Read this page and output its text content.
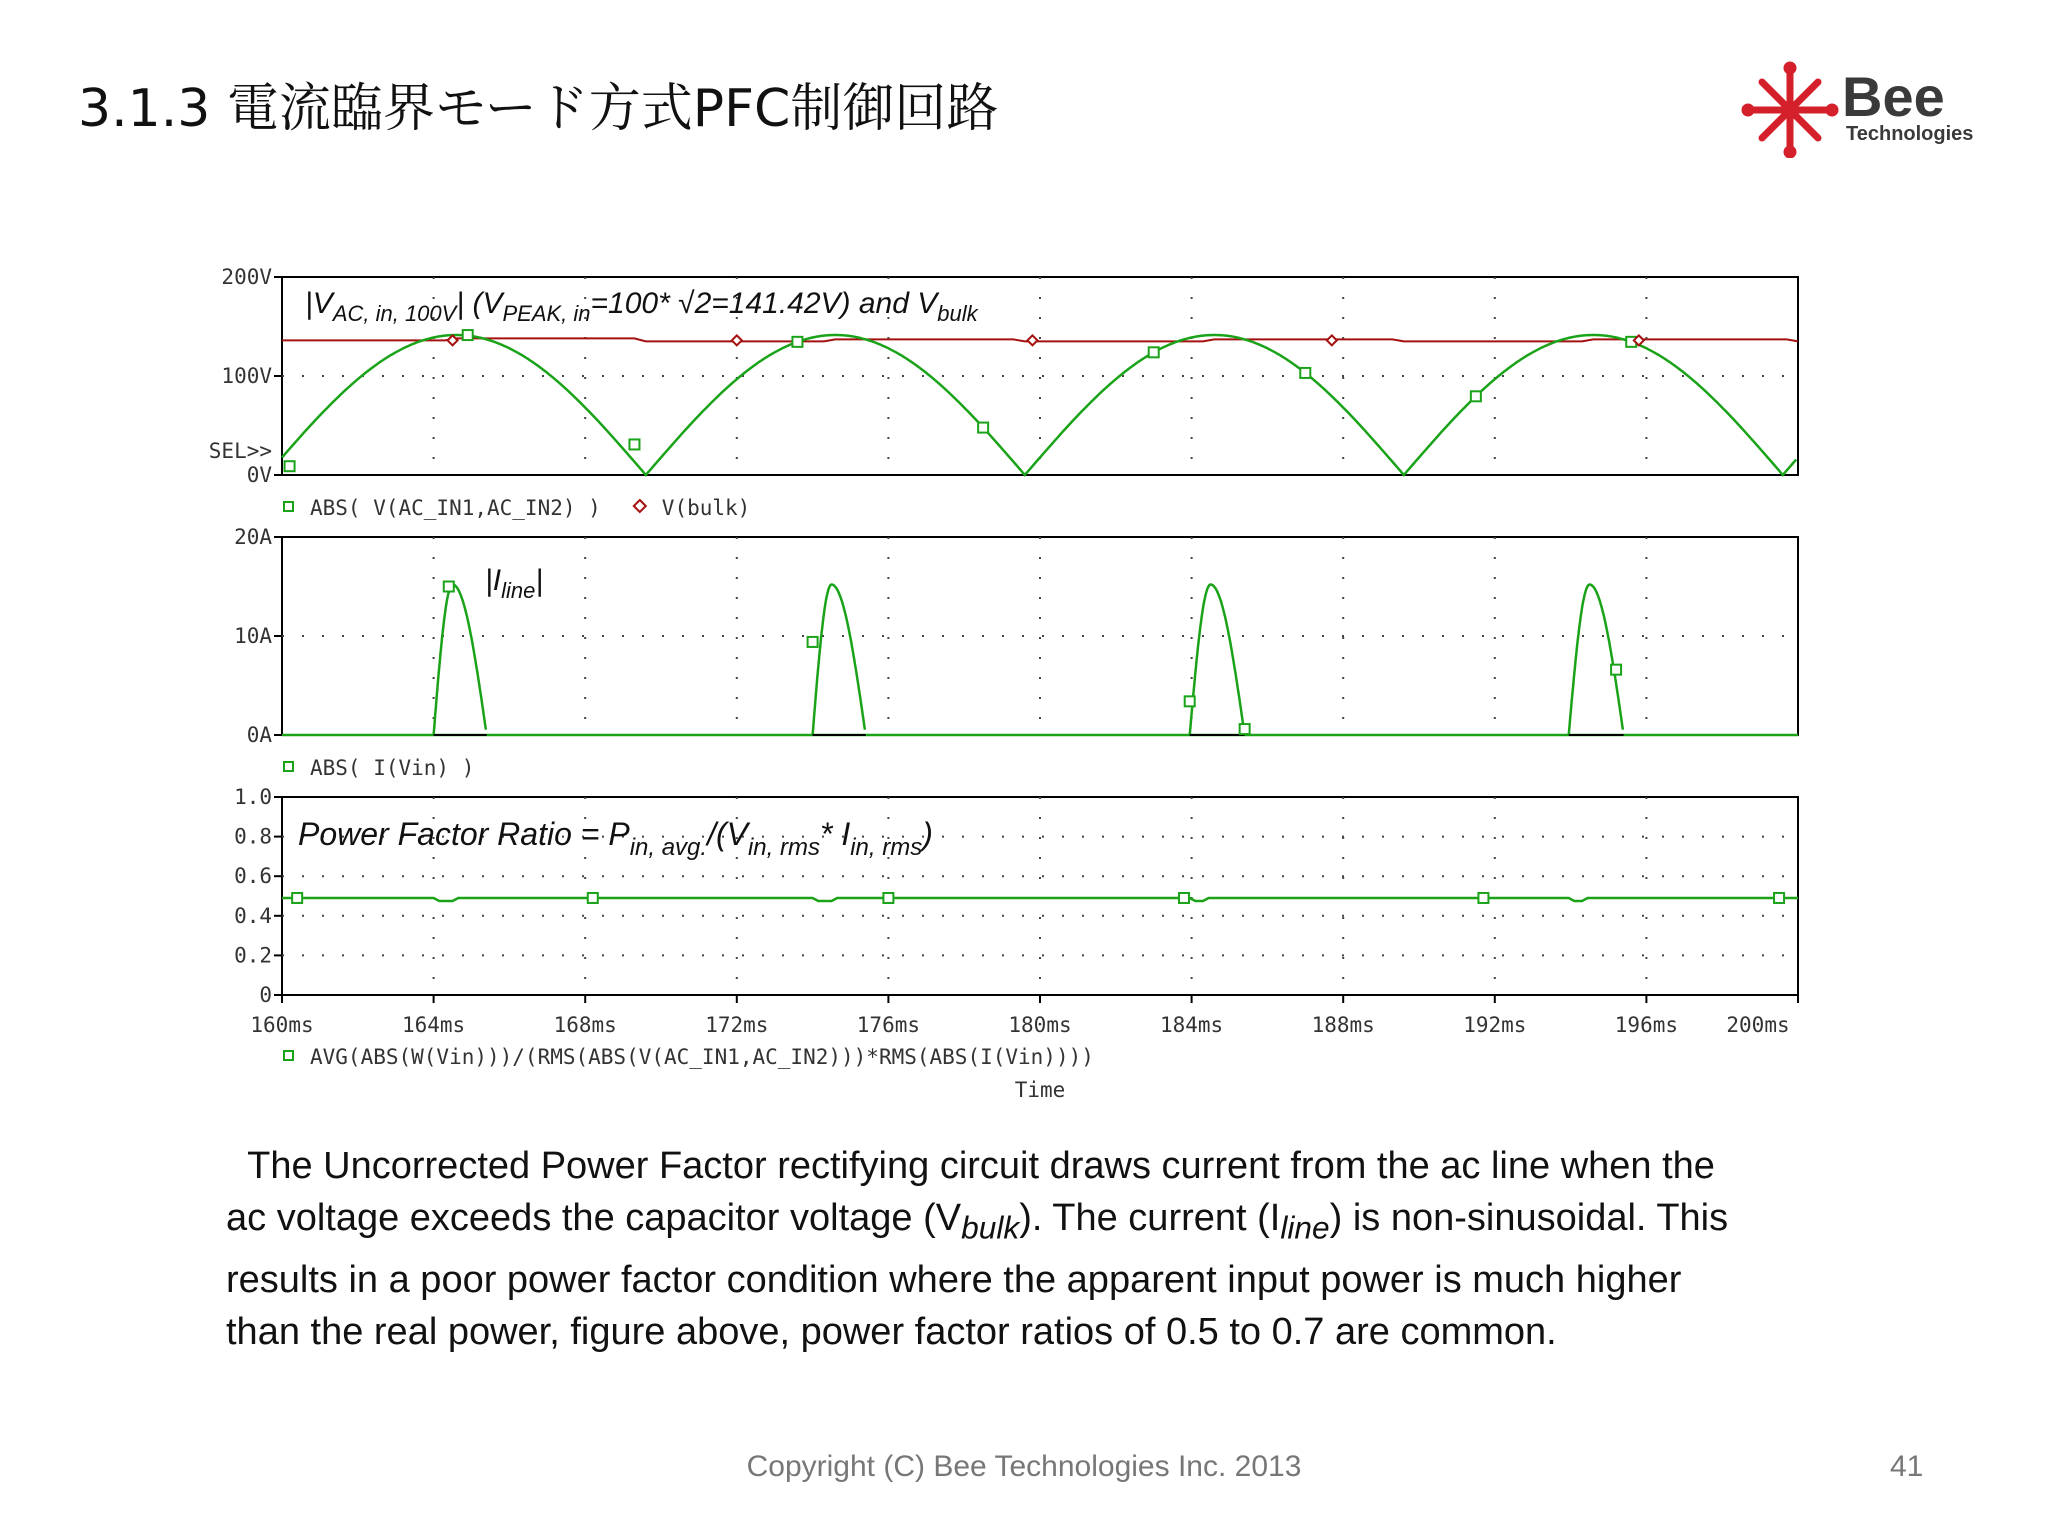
3.1.3 電流臨界モード方式PFC制御回路	Bee
Technologies
0V
100V
200V
SEL>>
$|V_{AC, in, 100V}|$ ($V_{PEAK, in}=100*$ √2=141.42V) and $V_{bulk}$
ABS( V(AC_IN1,AC_IN2) )	V(bulk)
0A
10A
20A
$|I_{line}|$
ABS( I(Vin) )
0
0.2
0.4
0.6
0.8
1.0
160ms	164ms	168ms	172ms	176ms	180ms	184ms	188ms	192ms	196ms 200ms
Time
Power Factor Ratio = $P_{in, avg.}/(V_{in, rms}*$ $I_{in, rms}$)
AVG(ABS(W(Vin)))/(RMS(ABS(V(AC_IN1,AC_IN2)))*RMS(ABS(I(Vin))))

The Uncorrected Power Factor rectifying circuit draws current from the ac line when the

ac voltage exceeds the capacitor voltage $(V_{bulk})$. The current $(I_{line})$ is non-sinusoidal. This

results in a poor power factor condition where the apparent input power is much higher

than the real power, figure above, power factor ratios of 0.5 to 0.7 are common.

Copyright (C) Bee Technologies Inc. 2013	41
